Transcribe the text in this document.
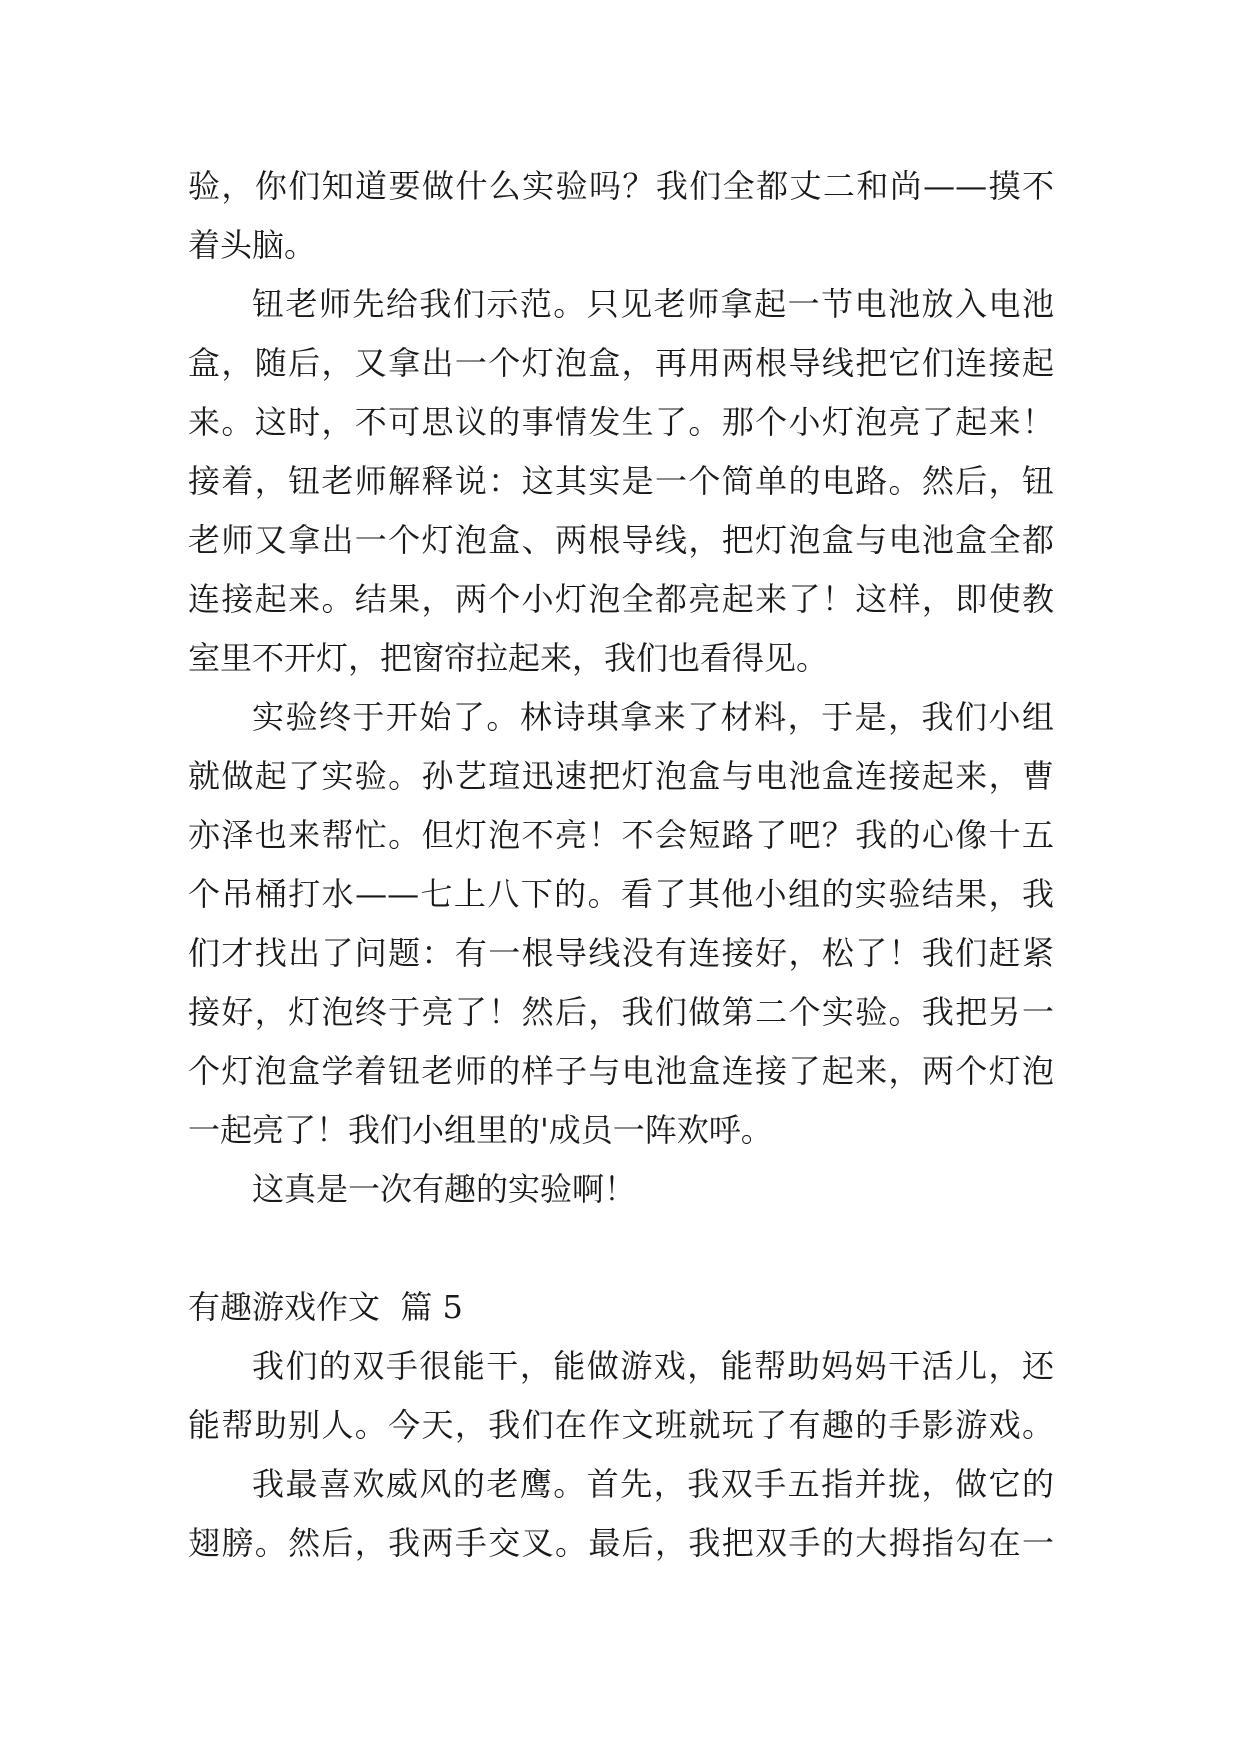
验，你们知道要做什么实验吗？我们全都丈二和尚——摸不
着头脑。
钮老师先给我们示范。只见老师拿起一节电池放入电池
盒，随后，又拿出一个灯泡盒，再用两根导线把它们连接起
来。这时，不可思议的事情发生了。那个小灯泡亮了起来！
接着，钮老师解释说：这其实是一个简单的电路。然后，钮
老师又拿出一个灯泡盒、两根导线，把灯泡盒与电池盒全都
连接起来。结果，两个小灯泡全都亮起来了！这样，即使教
室里不开灯，把窗帘拉起来，我们也看得见。
实验终于开始了。林诗琪拿来了材料，于是，我们小组
就做起了实验。孙艺瑄迅速把灯泡盒与电池盒连接起来，曹
亦泽也来帮忙。但灯泡不亮！不会短路了吧？我的心像十五
个吊桶打水——七上八下的。看了其他小组的实验结果，我
们才找出了问题：有一根导线没有连接好，松了！我们赶紧
接好，灯泡终于亮了！然后，我们做第二个实验。我把另一
个灯泡盒学着钮老师的样子与电池盒连接了起来，两个灯泡
一起亮了！我们小组里的'成员一阵欢呼。
这真是一次有趣的实验啊！
有趣游戏作文  篇 5
我们的双手很能干，能做游戏，能帮助妈妈干活儿，还
能帮助别人。今天，我们在作文班就玩了有趣的手影游戏。
我最喜欢威风的老鹰。首先，我双手五指并拢，做它的
翅膀。然后，我两手交叉。最后，我把双手的大拇指勾在一
